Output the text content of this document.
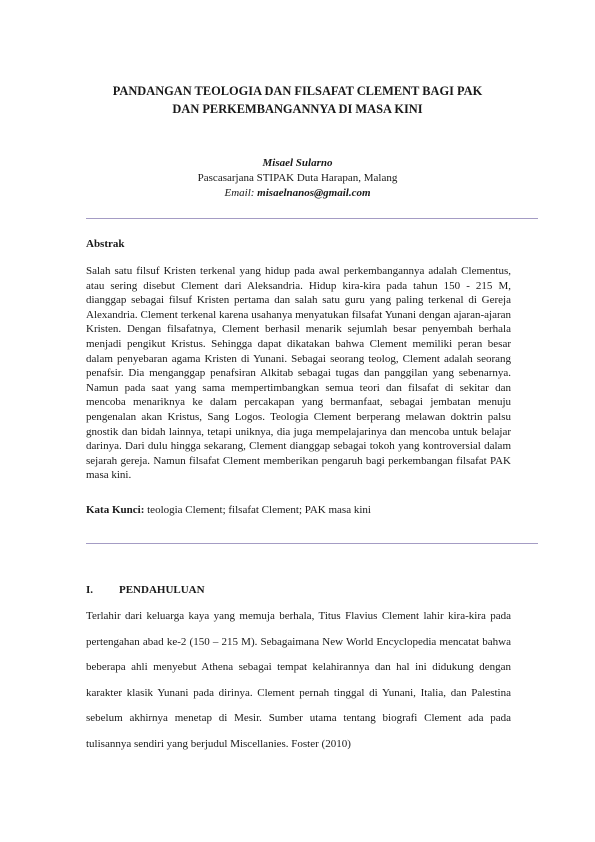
PANDANGAN TEOLOGIA DAN FILSAFAT CLEMENT BAGI PAK
DAN PERKEMBANGANNYA DI MASA KINI
Misael Sularno
Pascasarjana STIPAK Duta Harapan, Malang
Email: misaelnanos@gmail.com
Abstrak
Salah satu filsuf Kristen terkenal yang hidup pada awal perkembangannya adalah Clementus, atau sering disebut Clement dari Aleksandria. Hidup kira-kira pada tahun 150 - 215 M, dianggap sebagai filsuf Kristen pertama dan salah satu guru yang paling terkenal di Gereja Alexandria. Clement terkenal karena usahanya menyatukan filsafat Yunani dengan ajaran-ajaran Kristen. Dengan filsafatnya, Clement berhasil menarik sejumlah besar penyembah berhala menjadi pengikut Kristus. Sehingga dapat dikatakan bahwa Clement memiliki peran besar dalam penyebaran agama Kristen di Yunani. Sebagai seorang teolog, Clement adalah seorang penafsir. Dia menganggap penafsiran Alkitab sebagai tugas dan panggilan yang sebenarnya. Namun pada saat yang sama mempertimbangkan semua teori dan filsafat di sekitar dan mencoba menariknya ke dalam percakapan yang bermanfaat, sebagai jembatan menuju pengenalan akan Kristus, Sang Logos. Teologia Clement berperang melawan doktrin palsu gnostik dan bidah lainnya, tetapi uniknya, dia juga mempelajarinya dan mencoba untuk belajar darinya. Dari dulu hingga sekarang, Clement dianggap sebagai tokoh yang kontroversial dalam sejarah gereja. Namun filsafat Clement memberikan pengaruh bagi perkembangan filsafat PAK masa kini.
Kata Kunci: teologia Clement; filsafat Clement; PAK masa kini
I. PENDAHULUAN
Terlahir dari keluarga kaya yang memuja berhala, Titus Flavius Clement lahir kira-kira pada pertengahan abad ke-2 (150 – 215 M). Sebagaimana New World Encyclopedia mencatat bahwa beberapa ahli menyebut Athena sebagai tempat kelahirannya dan hal ini didukung dengan karakter klasik Yunani pada dirinya. Clement pernah tinggal di Yunani, Italia, dan Palestina sebelum akhirnya menetap di Mesir. Sumber utama tentang biografi Clement ada pada tulisannya sendiri yang berjudul Miscellanies. Foster (2010)
